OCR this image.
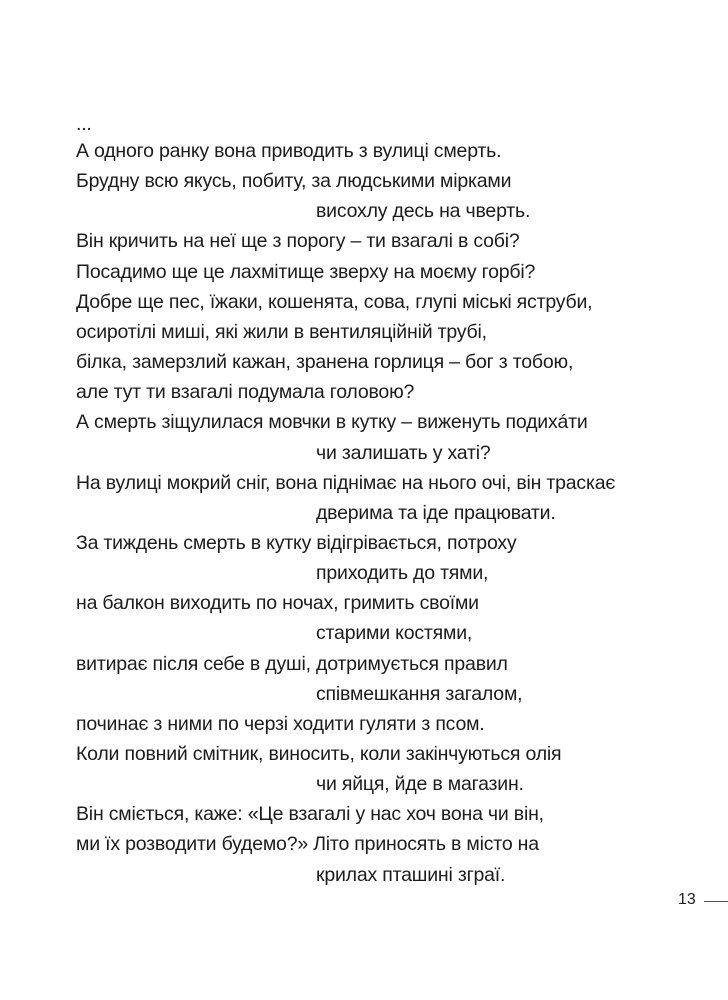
...
А одного ранку вона приводить з вулиці смерть.
Брудну всю якусь, побиту, за людськими мірками
висохлу десь на чверть.
Він кричить на неї ще з порогу – ти взагалі в собі?
Посадимо ще це лахмітище зверху на моєму горбі?
Добре ще пес, їжаки, кошенята, сова, глупі міські яструби,
осиротілі миші, які жили в вентиляційній трубі,
білка, замерзлий кажан, зранена горлиця – бог з тобою,
але тут ти взагалі подумала головою?
А смерть зіщулилася мовчки в кутку – виженуть подихáти
чи залишать у хаті?
На вулиці мокрий сніг, вона піднімає на нього очі, він траскає
дверима та іде працювати.
За тиждень смерть в кутку відігрівається, потроху
приходить до тями,
на балкон виходить по ночах, гримить своїми
старими костями,
витирає після себе в душі, дотримується правил
співмешкання загалом,
починає з ними по черзі ходити гуляти з псом.
Коли повний смітник, виносить, коли закінчуються олія
чи яйця, йде в магазин.
Він сміється, каже: «Це взагалі у нас хоч вона чи він,
ми їх розводити будемо?» Літо приносять в місто на
крилах пташині зграї.
13
